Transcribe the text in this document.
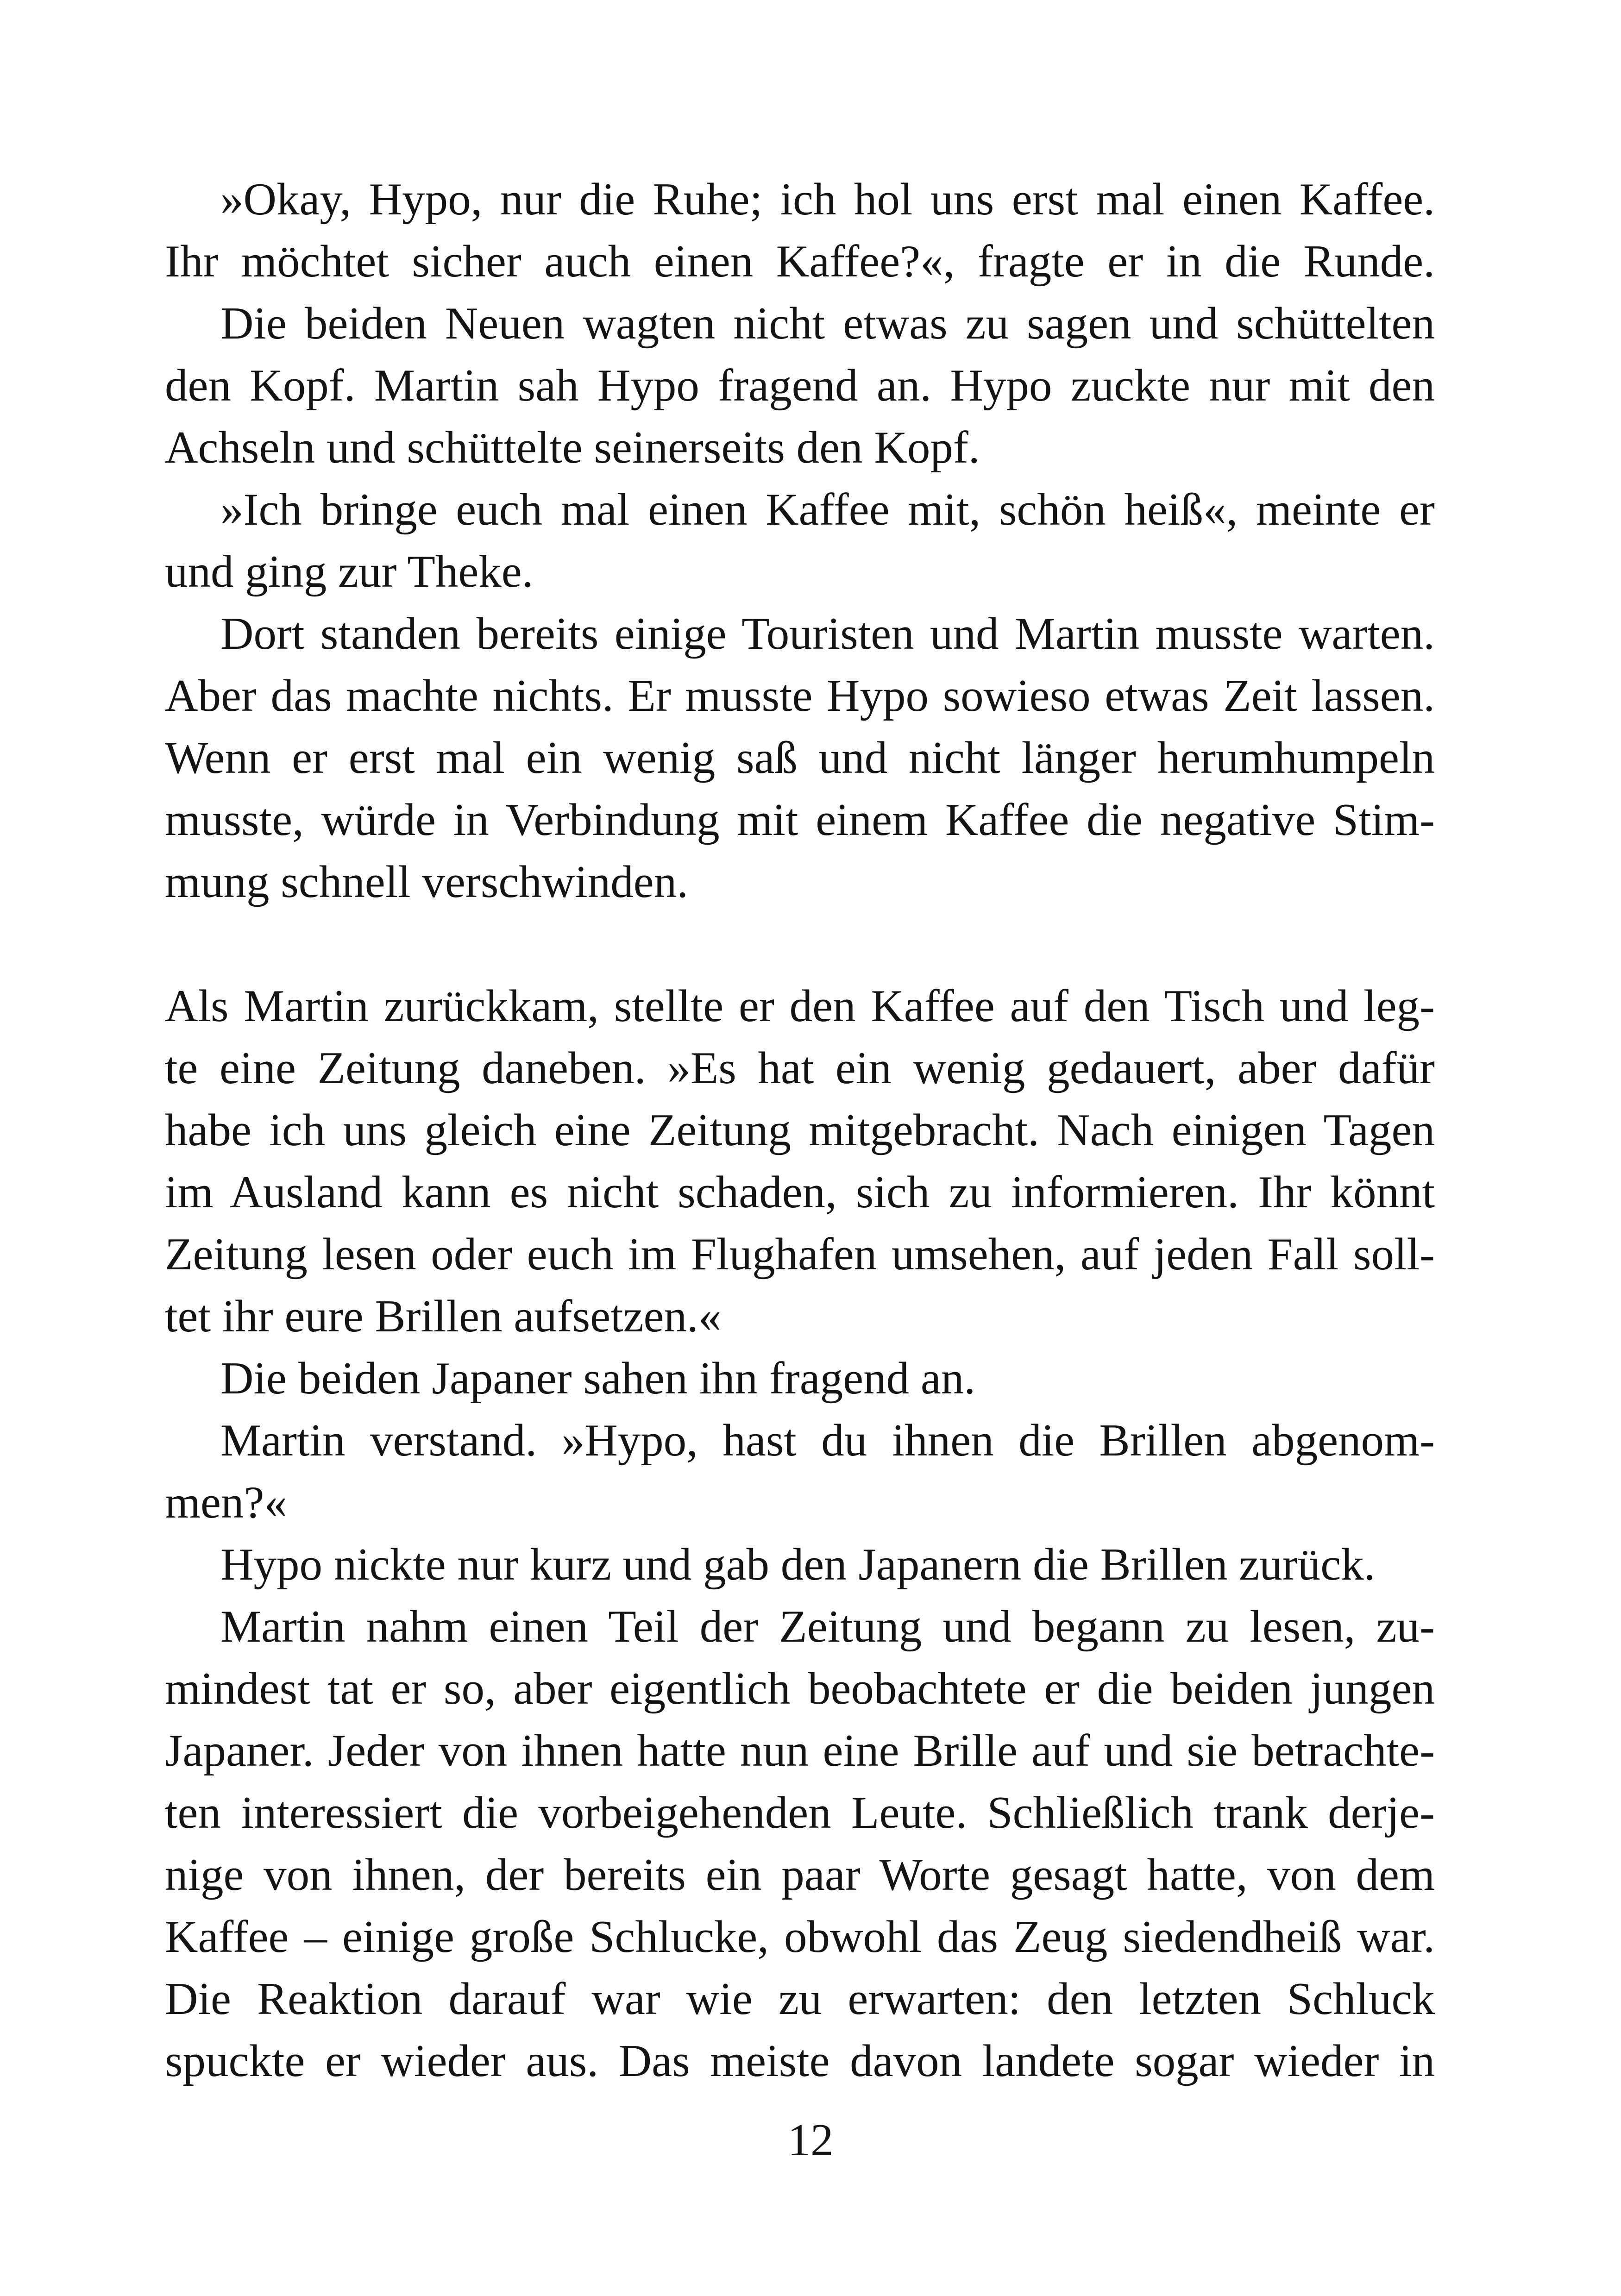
»Okay, Hypo, nur die Ruhe; ich hol uns erst mal einen Kaffee.
Ihr möchtet sicher auch einen Kaffee?«, fragte er in die Runde.
Die beiden Neuen wagten nicht etwas zu sagen und schüttelten
den Kopf. Martin sah Hypo fragend an. Hypo zuckte nur mit den
Achseln und schüttelte seinerseits den Kopf.
»Ich bringe euch mal einen Kaffee mit, schön heiß«, meinte er
und ging zur Theke.
Dort standen bereits einige Touristen und Martin musste warten.
Aber das machte nichts. Er musste Hypo sowieso etwas Zeit lassen.
Wenn er erst mal ein wenig saß und nicht länger herumhumpeln
musste, würde in Verbindung mit einem Kaffee die negative Stim-
mung schnell verschwinden.
Als Martin zurückkam, stellte er den Kaffee auf den Tisch und leg-
te eine Zeitung daneben. »Es hat ein wenig gedauert, aber dafür
habe ich uns gleich eine Zeitung mitgebracht. Nach einigen Tagen
im Ausland kann es nicht schaden, sich zu informieren. Ihr könnt
Zeitung lesen oder euch im Flughafen umsehen, auf jeden Fall soll-
tet ihr eure Brillen aufsetzen.«
Die beiden Japaner sahen ihn fragend an.
Martin verstand. »Hypo, hast du ihnen die Brillen abgenom-
men?«
Hypo nickte nur kurz und gab den Japanern die Brillen zurück.
Martin nahm einen Teil der Zeitung und begann zu lesen, zu-
mindest tat er so, aber eigentlich beobachtete er die beiden jungen
Japaner. Jeder von ihnen hatte nun eine Brille auf und sie betrachte-
ten interessiert die vorbeigehenden Leute. Schließlich trank derje-
nige von ihnen, der bereits ein paar Worte gesagt hatte, von dem
Kaffee – einige große Schlucke, obwohl das Zeug siedendheiß war.
Die Reaktion darauf war wie zu erwarten: den letzten Schluck
spuckte er wieder aus. Das meiste davon landete sogar wieder in
12
